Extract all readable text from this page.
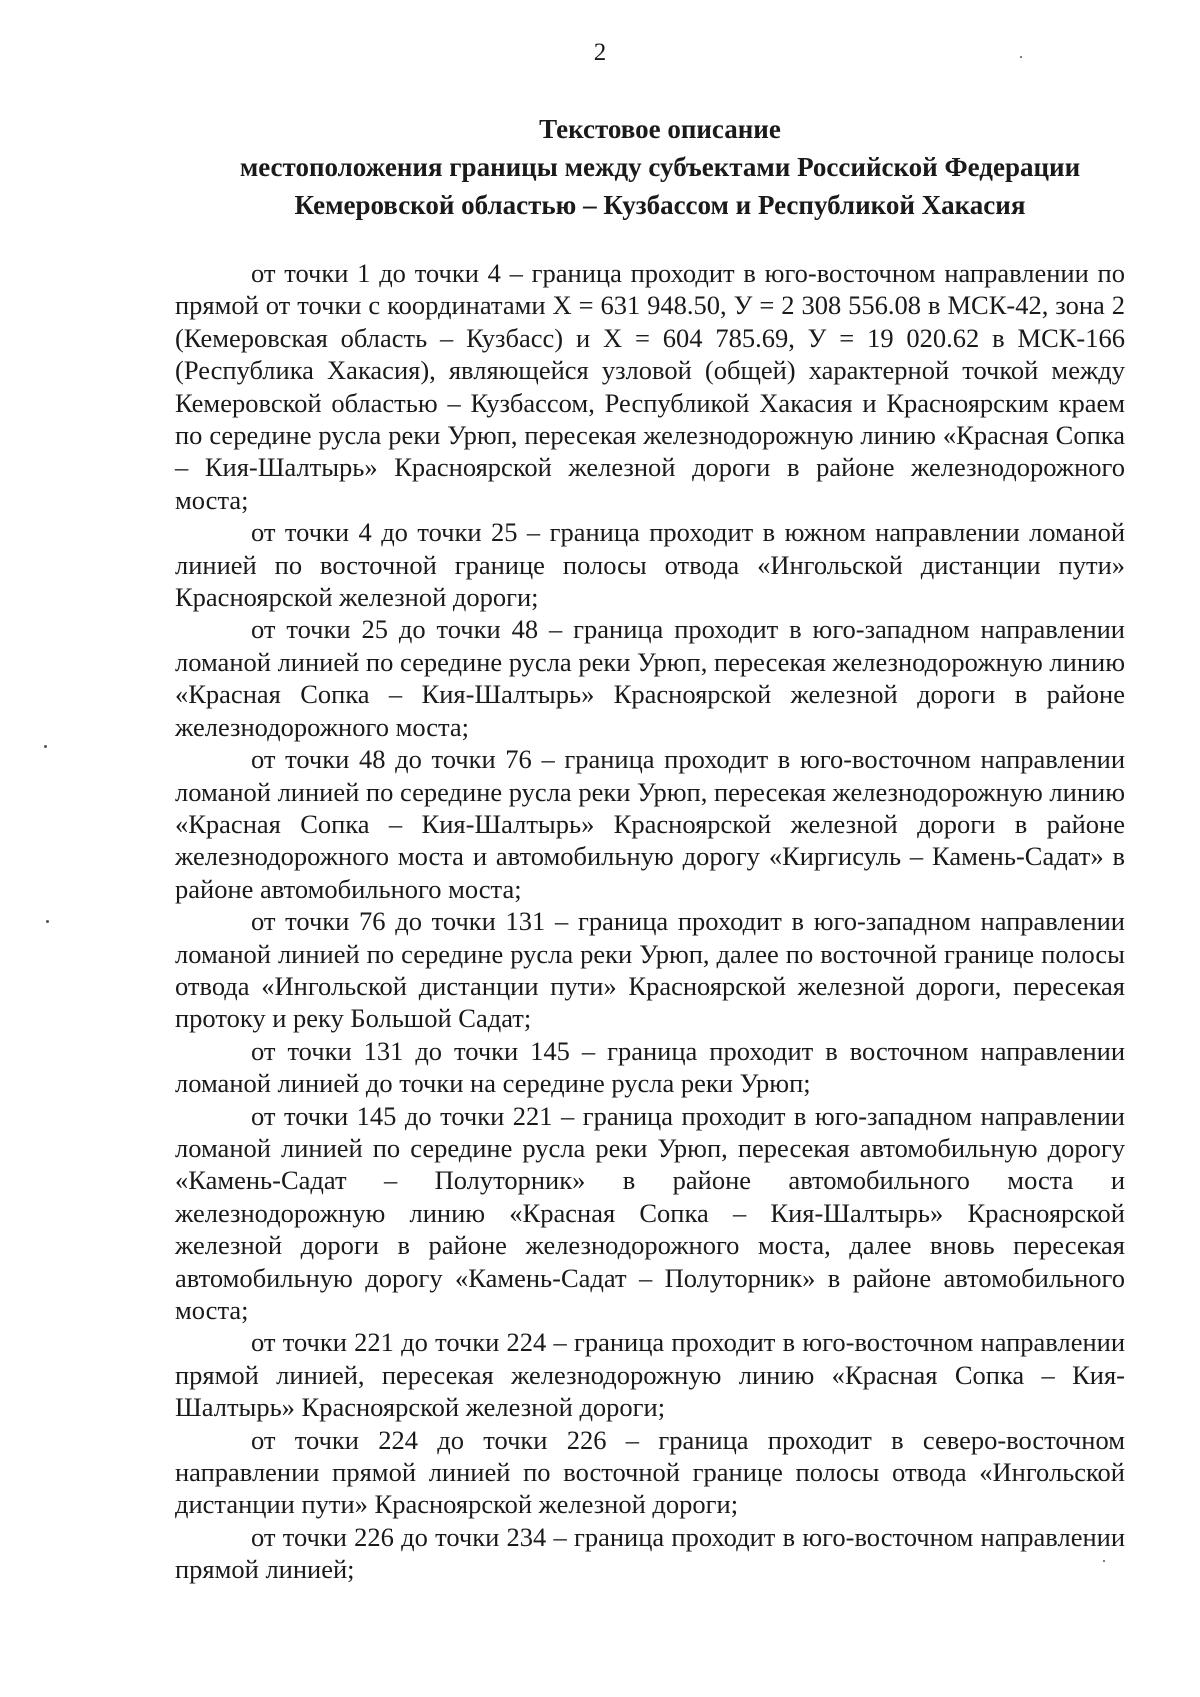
2
Текстовое описание
местоположения границы между субъектами Российской Федерации
Кемеровской областью – Кузбассом и Республикой Хакасия

от точки 1 до точки 4 – граница проходит в юго-восточном направлении по прямой от точки с координатами Х = 631 948.50, У = 2 308 556.08 в МСК-42, зона 2 (Кемеровская область – Кузбасс) и Х = 604 785.69, У = 19 020.62 в МСК-166 (Республика Хакасия), являющейся узловой (общей) характерной точкой между Кемеровской областью – Кузбассом, Республикой Хакасия и Красноярским краем по середине русла реки Урюп, пересекая железнодорожную линию «Красная Сопка – Кия-Шалтырь» Красноярской железной дороги в районе железнодорожного моста;

от точки 4 до точки 25 – граница проходит в южном направлении ломаной линией по восточной границе полосы отвода «Ингольской дистанции пути» Красноярской железной дороги;

от точки 25 до точки 48 – граница проходит в юго-западном направлении ломаной линией по середине русла реки Урюп, пересекая железнодорожную линию «Красная Сопка – Кия-Шалтырь» Красноярской железной дороги в районе железнодорожного моста;

от точки 48 до точки 76 – граница проходит в юго-восточном направлении ломаной линией по середине русла реки Урюп, пересекая железнодорожную линию «Красная Сопка – Кия-Шалтырь» Красноярской железной дороги в районе железнодорожного моста и автомобильную дорогу «Киргисуль – Камень-Садат» в районе автомобильного моста;

от точки 76 до точки 131 – граница проходит в юго-западном направлении ломаной линией по середине русла реки Урюп, далее по восточной границе полосы отвода «Ингольской дистанции пути» Красноярской железной дороги, пересекая протоку и реку Большой Садат;

от точки 131 до точки 145 – граница проходит в восточном направлении ломаной линией до точки на середине русла реки Урюп;

от точки 145 до точки 221 – граница проходит в юго-западном направлении ломаной линией по середине русла реки Урюп, пересекая автомобильную дорогу «Камень-Садат – Полуторник» в районе автомобильного моста и железнодорожную линию «Красная Сопка – Кия-Шалтырь» Красноярской железной дороги в районе железнодорожного моста, далее вновь пересекая автомобильную дорогу «Камень-Садат – Полуторник» в районе автомобильного моста;

от точки 221 до точки 224 – граница проходит в юго-восточном направлении прямой линией, пересекая железнодорожную линию «Красная Сопка – Кия-Шалтырь» Красноярской железной дороги;

от точки 224 до точки 226 – граница проходит в северо-восточном направлении прямой линией по восточной границе полосы отвода «Ингольской дистанции пути» Красноярской железной дороги;

от точки 226 до точки 234 – граница проходит в юго-восточном направлении прямой линией;
